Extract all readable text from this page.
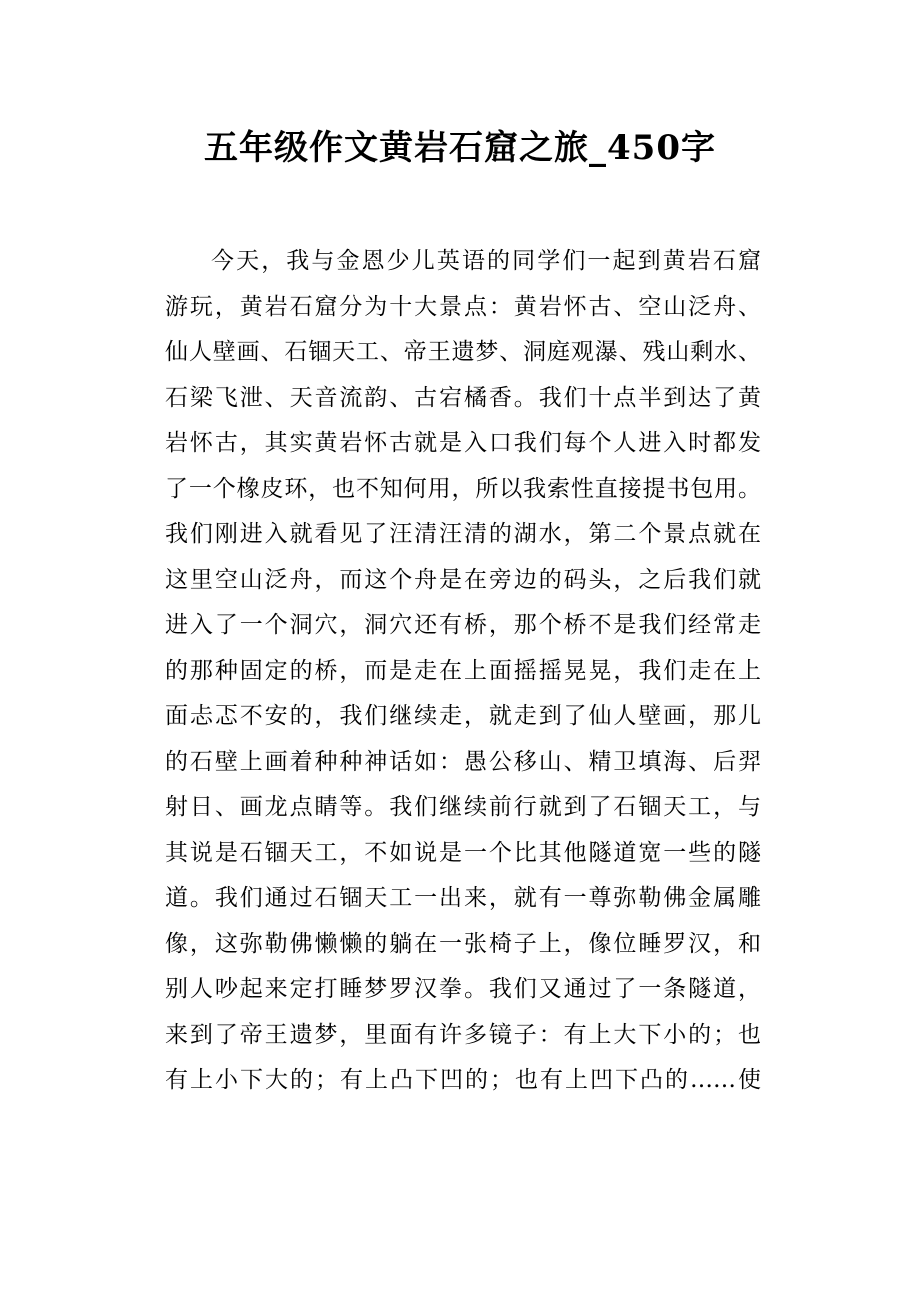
五年级作文黄岩石窟之旅_450字
今天，我与金恩少儿英语的同学们一起到黄岩石窟
游玩，黄岩石窟分为十大景点：黄岩怀古、空山泛舟、
仙人壁画、石锢天工、帝王遗梦、洞庭观瀑、残山剩水、
石梁飞泄、天音流韵、古宕橘香。我们十点半到达了黄
岩怀古，其实黄岩怀古就是入口我们每个人进入时都发
了一个橡皮环，也不知何用，所以我索性直接提书包用。
我们刚进入就看见了汪清汪清的湖水，第二个景点就在
这里空山泛舟，而这个舟是在旁边的码头，之后我们就
进入了一个洞穴，洞穴还有桥，那个桥不是我们经常走
的那种固定的桥，而是走在上面摇摇晃晃，我们走在上
面忐忑不安的，我们继续走，就走到了仙人壁画，那儿
的石壁上画着种种神话如：愚公移山、精卫填海、后羿
射日、画龙点睛等。我们继续前行就到了石锢天工，与
其说是石锢天工，不如说是一个比其他隧道宽一些的隧
道。我们通过石锢天工一出来，就有一尊弥勒佛金属雕
像，这弥勒佛懒懒的躺在一张椅子上，像位睡罗汉，和
别人吵起来定打睡梦罗汉拳。我们又通过了一条隧道，
来到了帝王遗梦，里面有许多镜子：有上大下小的；也
有上小下大的；有上凸下凹的；也有上凹下凸的……使
